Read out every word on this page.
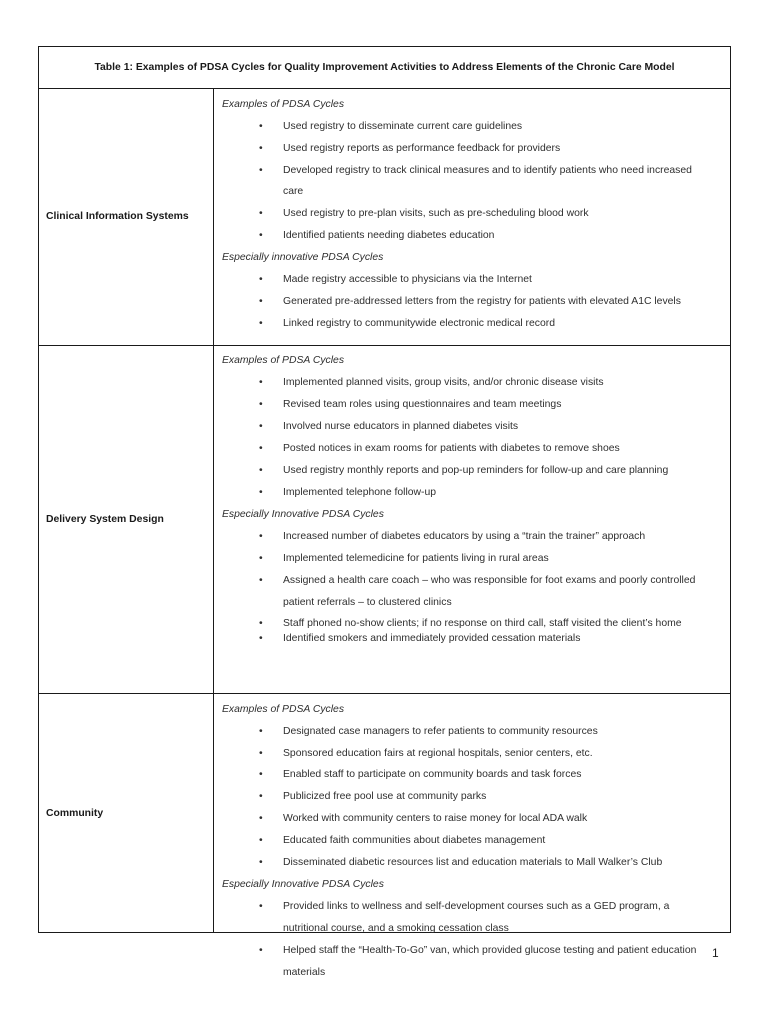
Table 1: Examples of PDSA Cycles for Quality Improvement Activities to Address Elements of the Chronic Care Model
Clinical Information Systems
Examples of PDSA Cycles
• Used registry to disseminate current care guidelines
• Used registry reports as performance feedback for providers
• Developed registry to track clinical measures and to identify patients who need increased
care
• Used registry to pre-plan visits, such as pre-scheduling blood work
• Identified patients needing diabetes education
Especially innovative PDSA Cycles
• Made registry accessible to physicians via the Internet
• Generated pre-addressed letters from the registry for patients with elevated A1C levels
• Linked registry to communitywide electronic medical record
Delivery System Design
Examples of PDSA Cycles
• Implemented planned visits, group visits, and/or chronic disease visits
• Revised team roles using questionnaires and team meetings
• Involved nurse educators in planned diabetes visits
• Posted notices in exam rooms for patients with diabetes to remove shoes
• Used registry monthly reports and pop-up reminders for follow-up and care planning
• Implemented telephone follow-up
Especially Innovative PDSA Cycles
• Increased number of diabetes educators by using a “train the trainer” approach
• Implemented telemedicine for patients living in rural areas
• Assigned a health care coach – who was responsible for foot exams and poorly controlled
patient referrals – to clustered clinics
• Staff phoned no-show clients; if no response on third call, staff visited the client’s home
• Identified smokers and immediately provided cessation materials
Community
Examples of PDSA Cycles
• Designated case managers to refer patients to community resources
• Sponsored education fairs at regional hospitals, senior centers, etc.
• Enabled staff to participate on community boards and task forces
• Publicized free pool use at community parks
• Worked with community centers to raise money for local ADA walk
• Educated faith communities about diabetes management
• Disseminated diabetic resources list and education materials to Mall Walker’s Club
Especially Innovative PDSA Cycles
• Provided links to wellness and self-development courses such as a GED program, a
nutritional course, and a smoking cessation class
• Helped staff the “Health-To-Go” van, which provided glucose testing and patient education
materials
1
